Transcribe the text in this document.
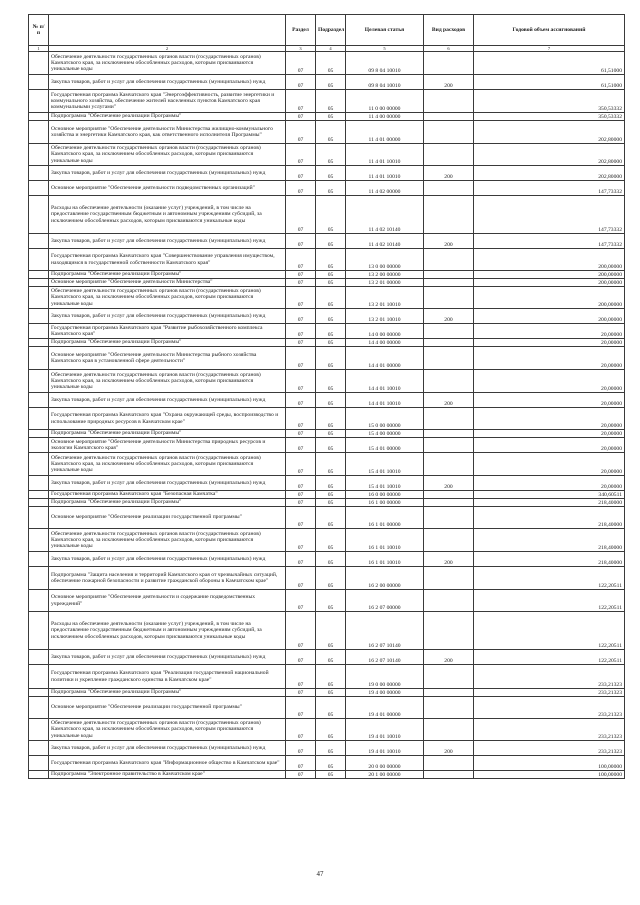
№ п/п		Раздел	Подраздел	Целевая статья	Вид расходов	Годовой объем ассигнований
1	2	3	4	5	6	7
	Обеспечение деятельности государственных органов власти (государственных органов) Камчатского края, за исключением обособленных расходов, которым присваиваются уникальные коды	07	05	09 8 04 10010		61,51000
	Закупка товаров, работ и услуг для обеспечения государственных (муниципальных) нужд	07	05	09 8 04 10010	200	61,51000
	Государственная программа Камчатского края "Энергоэффективность, развитие энергетики и коммунального хозяйства, обеспечение жителей населенных пунктов Камчатского края коммунальными услугами"	07	05	11 0 00 00000		350,53332
	Подпрограмма "Обеспечение реализации Программы"	07	05	11 4 00 00000		350,53332
	Основное мероприятие "Обеспечение деятельности Министерства жилищно-коммунального хозяйства и энергетики Камчатского края, как ответственного исполнителя Программы"	07	05	11 4 01 00000		202,80000
	Обеспечение деятельности государственных органов власти (государственных органов) Камчатского края, за исключением обособленных расходов, которым присваиваются уникальные коды	07	05	11 4 01 10010		202,80000
	Закупка товаров, работ и услуг для обеспечения государственных (муниципальных) нужд	07	05	11 4 01 10010	200	202,80000
	Основное мероприятие "Обеспечение деятельности подведомственных организаций"	07	05	11 4 02 00000		147,73332
	Расходы на обеспечение деятельности (оказание услуг) учреждений, в том числе на предоставление государственным бюджетным и автономным учреждениям субсидий, за исключением обособленных расходов, которым присваиваются уникальные коды	07	05	11 4 02 10140		147,73332
	Закупка товаров, работ и услуг для обеспечения государственных (муниципальных) нужд	07	05	11 4 02 10140	200	147,73332
	Государственная программа Камчатского края "Совершенствование управления имуществом, находящимся в государственной собственности Камчатского края"	07	05	13 0 00 00000		200,00000
	Подпрограмма "Обеспечение реализации Программы"	07	05	13 2 00 00000		200,00000
	Основное мероприятие "Обеспечение деятельности Министерства"	07	05	13 2 01 00000		200,00000
	Обеспечение деятельности государственных органов власти (государственных органов) Камчатского края, за исключением обособленных расходов, которым присваиваются уникальные коды	07	05	13 2 01 10010		200,00000
	Закупка товаров, работ и услуг для обеспечения государственных (муниципальных) нужд	07	05	13 2 01 10010	200	200,00000
	Государственная программа Камчатского края "Развитие рыбохозяйственного комплекса Камчатского края"	07	05	14 0 00 00000		20,00000
	Подпрограмма "Обеспечение реализации Программы"	07	05	14 4 00 00000		20,00000
	Основное мероприятие "Обеспечение деятельности Министерства рыбного хозяйства Камчатского края в установленной сфере деятельности"	07	05	14 4 01 00000		20,00000
	Обеспечение деятельности государственных органов власти (государственных органов) Камчатского края, за исключением обособленных расходов, которым присваиваются уникальные коды	07	05	14 4 01 10010		20,00000
	Закупка товаров, работ и услуг для обеспечения государственных (муниципальных) нужд	07	05	14 4 01 10010	200	20,00000
	Государственная программа Камчатского края "Охрана окружающей среды, воспроизводство и использование природных ресурсов в Камчатском крае"	07	05	15 0 00 00000		20,00000
	Подпрограмма "Обеспечение реализации Программы"	07	05	15 4 00 00000		20,00000
	Основное мероприятие "Обеспечение деятельности Министерства природных ресурсов и экологии Камчатского края"	07	05	15 4 01 00000		20,00000
	Обеспечение деятельности государственных органов власти (государственных органов) Камчатского края, за исключением обособленных расходов, которым присваиваются уникальные коды	07	05	15 4 01 10010		20,00000
	Закупка товаров, работ и услуг для обеспечения государственных (муниципальных) нужд	07	05	15 4 01 10010	200	20,00000
	Государственная программа Камчатского края "Безопасная Камчатка"	07	05	16 0 00 00000		340,60511
	Подпрограмма "Обеспечение реализации Программы"	07	05	16 1 00 00000		218,40000
	Основное мероприятие "Обеспечение реализации государственной программы"	07	05	16 1 01 00000		218,40000
	Обеспечение деятельности государственных органов власти (государственных органов) Камчатского края, за исключением обособленных расходов, которым присваиваются уникальные коды	07	05	16 1 01 10010		218,40000
	Закупка товаров, работ и услуг для обеспечения государственных (муниципальных) нужд	07	05	16 1 01 10010	200	218,40000
	Подпрограмма "Защита населения и территорий Камчатского края от чрезвычайных ситуаций, обеспечение пожарной безопасности и развитие гражданской обороны в Камчатском крае"	07	05	16 2 00 00000		122,20511
	Основное мероприятие "Обеспечение деятельности и содержание подведомственных учреждений"	07	05	16 2 07 00000		122,20511
	Расходы на обеспечение деятельности (оказание услуг) учреждений, в том числе на предоставление государственным бюджетным и автономным учреждениям субсидий, за исключением обособленных расходов, которым присваиваются уникальные коды	07	05	16 2 07 10140		122,20511
	Закупка товаров, работ и услуг для обеспечения государственных (муниципальных) нужд	07	05	16 2 07 10140	200	122,20511
	Государственная программа Камчатского края "Реализация государственной национальной политики и укрепление гражданского единства в Камчатском крае"	07	05	19 0 00 00000		233,21323
	Подпрограмма "Обеспечение реализации Программы"	07	05	19 4 00 00000		233,21323
	Основное мероприятие "Обеспечение реализации государственной программы"	07	05	19 4 01 00000		233,21323
	Обеспечение деятельности государственных органов власти (государственных органов) Камчатского края, за исключением обособленных расходов, которым присваиваются уникальные коды	07	05	19 4 01 10010		233,21323
	Закупка товаров, работ и услуг для обеспечения государственных (муниципальных) нужд	07	05	19 4 01 10010	200	233,21323
	Государственная программа Камчатского края "Информационное общество в Камчатском крае"	07	05	20 0 00 00000		100,00000
	Подпрограмма "Электронное правительство в Камчатском крае"	07	05	20 1 00 00000		100,00000
47
